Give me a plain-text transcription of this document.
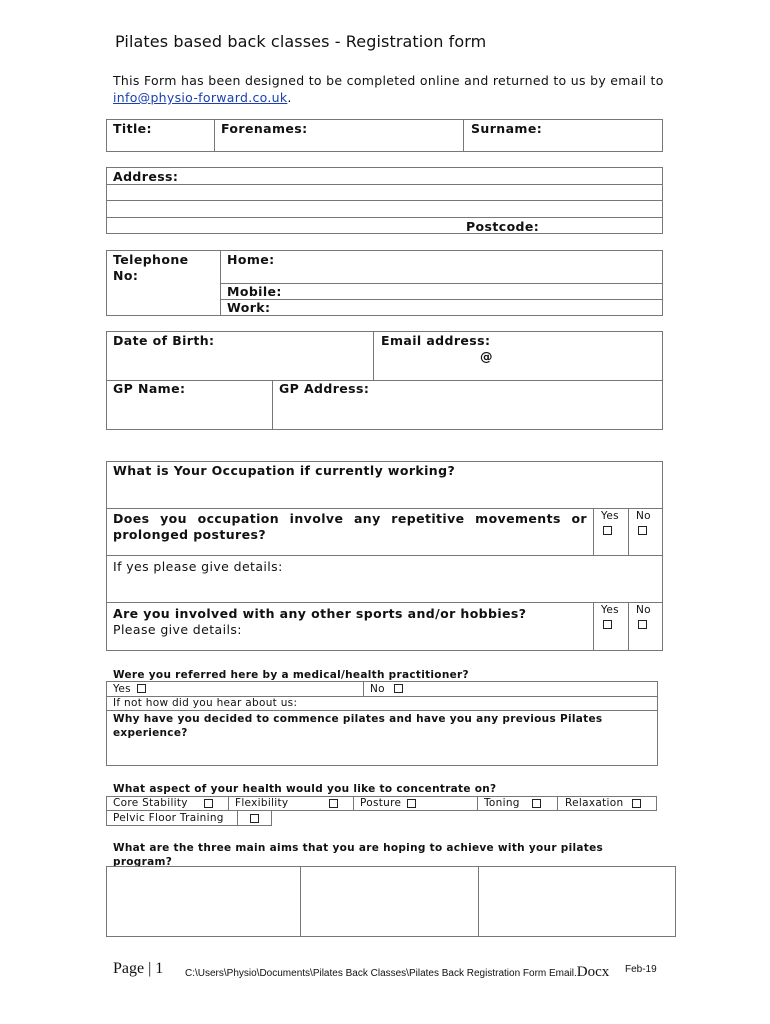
Pilates based back classes - Registration form
This Form has been designed to be completed online and returned to us by email to
info@physio-forward.co.uk.
Title:	Forenames:	Surname:
Address:
Postcode:
Telephone No:
Home:
Mobile:
Work:
Date of Birth:	Email address:
@
GP Name:	GP Address:
What is Your Occupation if currently working?
Does you occupation involve any repetitive movements or prolonged postures?
Yes No
If yes please give details:
Are you involved with any other sports and/or hobbies?
Please give details:
Yes No
Were you referred here by a medical/health practitioner?
Yes	No
If not how did you hear about us:
Why have you decided to commence pilates and have you any previous Pilates experience?
What aspect of your health would you like to concentrate on?
Core Stability	Flexibility	Posture	Toning	Relaxation
Pelvic Floor Training
What are the three main aims that you are hoping to achieve with your pilates program?
Page | 1 C:\Users\Physio\Documents\Pilates Back Classes\Pilates Back Registration Form Email.Docx Feb-19
